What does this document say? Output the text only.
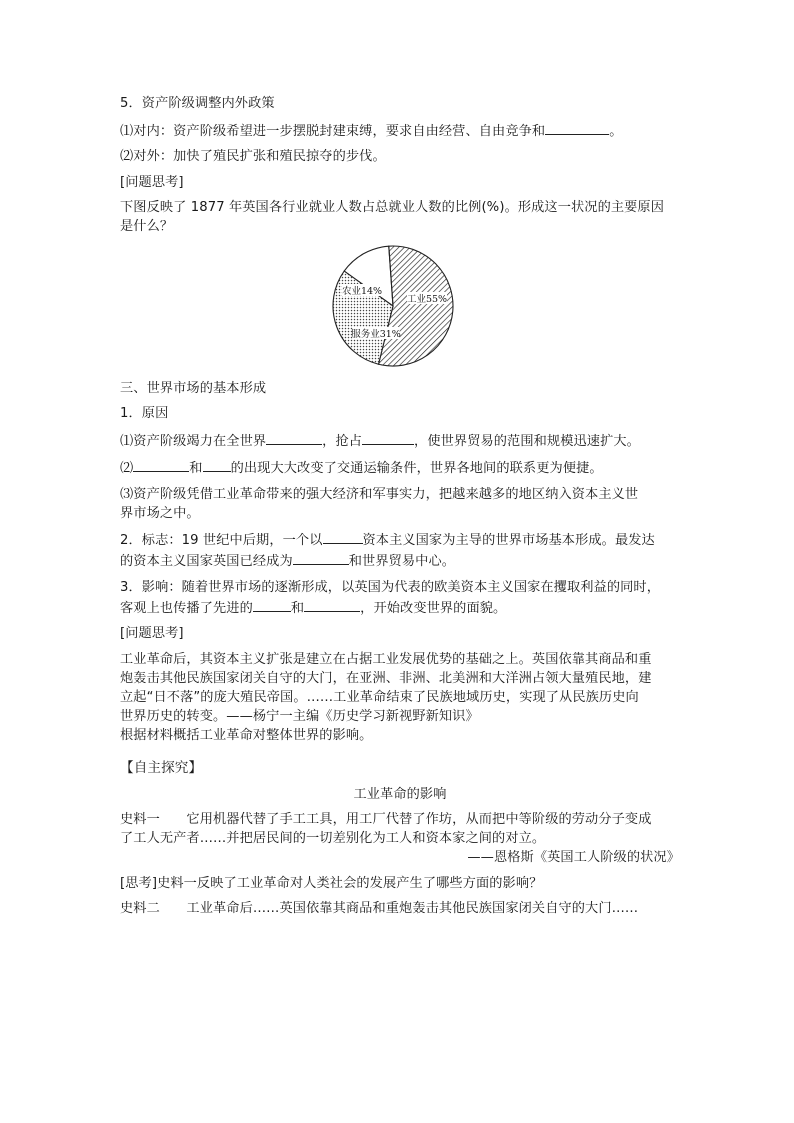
5．资产阶级调整内外政策

⑴对内：资产阶级希望进一步摆脱封建束缚，要求自由经营、自由竞争和	。

⑵对外：加快了殖民扩张和殖民掠夺的步伐。

[问题思考]

下图反映了 1877 年英国各行业就业人数占总就业人数的比例(%)。形成这一状况的主要原因

是什么？

工业55%
服务业31%
农业14%

三、世界市场的基本形成

1．原因

⑴资产阶级竭力在全世界	，抢占	，使世界贸易的范围和规模迅速扩大。

⑵	和 的出现大大改变了交通运输条件，世界各地间的联系更为便捷。

⑶资产阶级凭借工业革命带来的强大经济和军事实力，把越来越多的地区纳入资本主义世

界市场之中。

2．标志：19 世纪中后期，一个以	资本主义国家为主导的世界市场基本形成。最发达

的资本主义国家英国已经成为	和世界贸易中心。

3．影响：随着世界市场的逐渐形成，以英国为代表的欧美资本主义国家在攫取利益的同时，

客观上也传播了先进的	和	，开始改变世界的面貌。

[问题思考]

工业革命后，其资本主义扩张是建立在占据工业发展优势的基础之上。英国依靠其商品和重

炮轰击其他民族国家闭关自守的大门，在亚洲、非洲、北美洲和大洋洲占领大量殖民地，建

立起“日不落”的庞大殖民帝国。……工业革命结束了民族地域历史，实现了从民族历史向

世界历史的转变。——杨宁一主编《历史学习新视野新知识》

根据材料概括工业革命对整体世界的影响。

【自主探究】

工业革命的影响

史料一　　它用机器代替了手工工具，用工厂代替了作坊，从而把中等阶级的劳动分子变成

了工人无产者……并把居民间的一切差别化为工人和资本家之间的对立。

——恩格斯《英国工人阶级的状况》

[思考]史料一反映了工业革命对人类社会的发展产生了哪些方面的影响？

史料二　　工业革命后……英国依靠其商品和重炮轰击其他民族国家闭关自守的大门……
